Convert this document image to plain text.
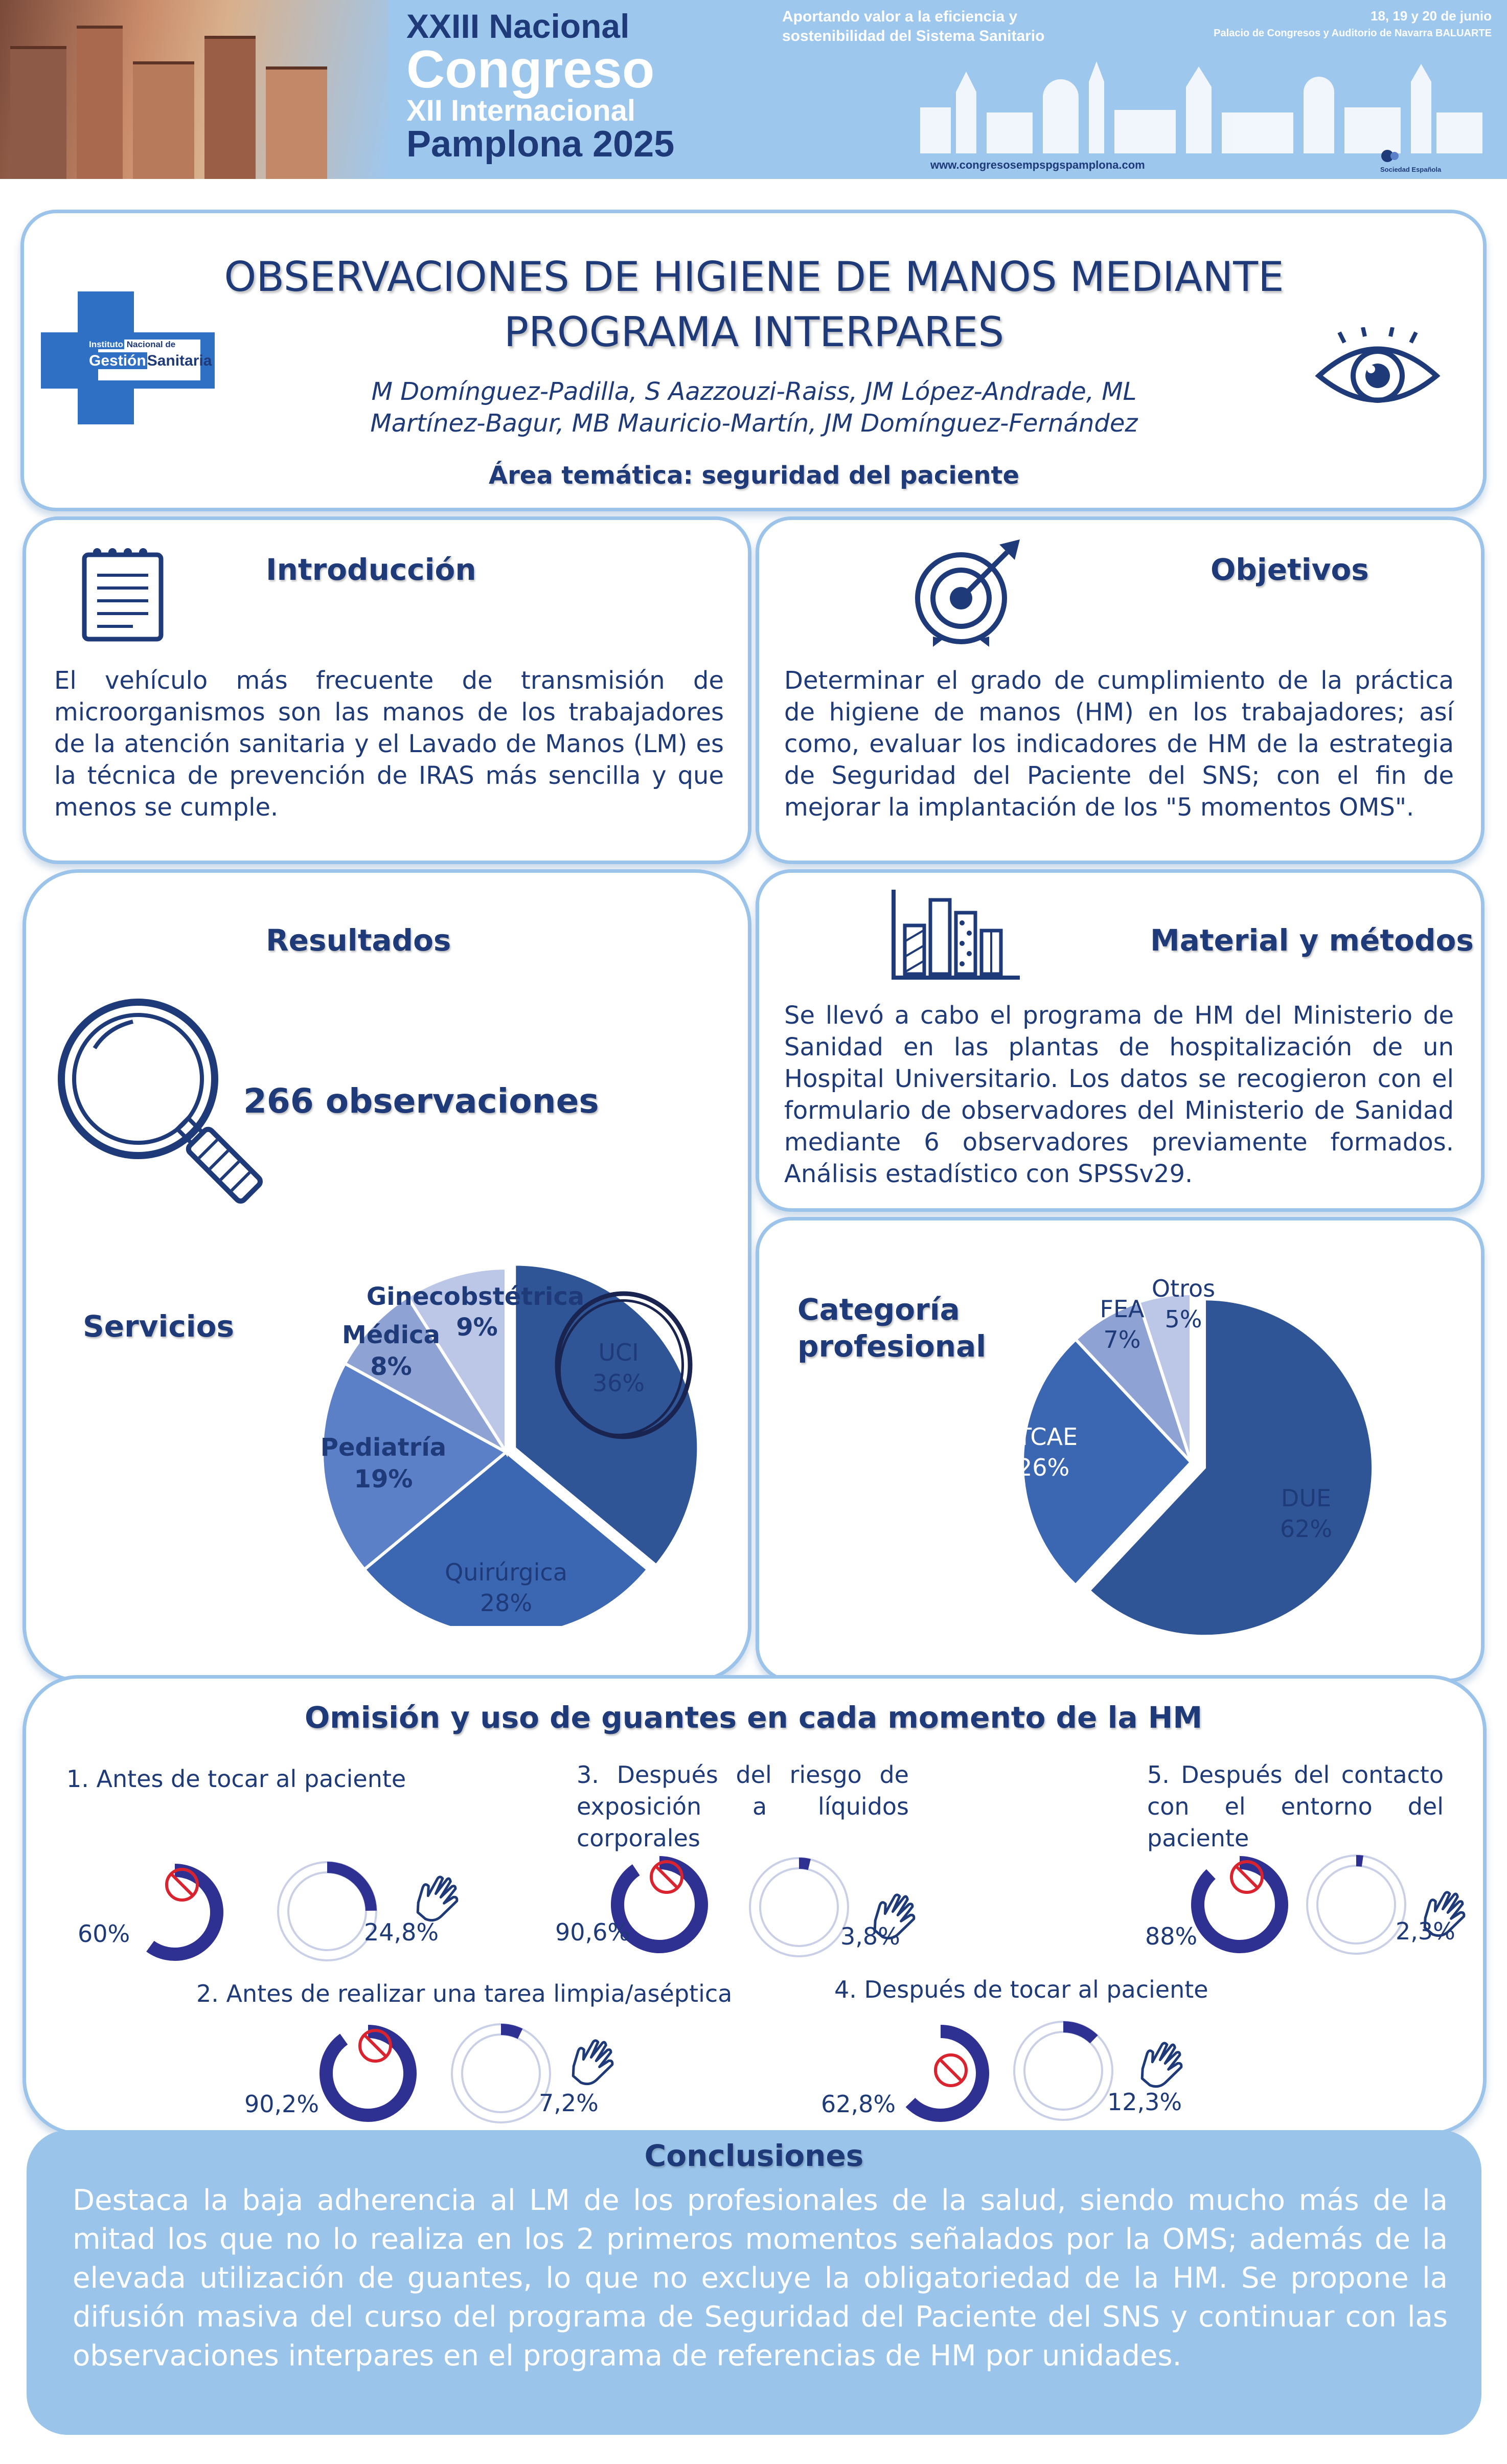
XXIII Nacional
Congreso
XII Internacional
Pamplona 2025
Aportando valor a la eficiencia y
sostenibilidad del Sistema Sanitario
18, 19 y 20 de junio
Palacio de Congresos y Auditorio de Navarra BALUARTE
www.congresosempspgspamplona.com	Sociedad Española
Instituto Nacional de
GestiónSanitaria
OBSERVACIONES DE HIGIENE DE MANOS MEDIANTE
PROGRAMA INTERPARES
M Domínguez-Padilla, S Aazzouzi-Raiss, JM López-Andrade, ML
Martínez-Bagur, MB Mauricio-Martín, JM Domínguez-Fernández
Área temática: seguridad del paciente
Introducción
El vehículo más frecuente de transmisión de microorganismos son las manos de los trabajadores de la atención sanitaria y el Lavado de Manos (LM) es la técnica de prevención de IRAS más sencilla y que menos se cumple.
Objetivos
Determinar el grado de cumplimiento de la práctica de higiene de manos (HM) en los trabajadores; así como, evaluar los indicadores de HM de la estrategia de Seguridad del Paciente del SNS; con el fin de mejorar la implantación de los "5 momentos OMS".
Resultados
266 observaciones
Servicios
Ginecobstétrica
9%
Médica
8%	UCI
36%
Pediatría
19%
Quirúrgica
28%
Material y métodos
Se llevó a cabo el programa de HM del Ministerio de Sanidad en las plantas de hospitalización de un Hospital Universitario. Los datos se recogieron con el formulario de observadores del Ministerio de Sanidad mediante 6 observadores previamente formados. Análisis estadístico con SPSSv29.
Categoría
profesional
FEA
7%
Otros
5%
TCAE
26%
DUE
62%
Omisión y uso de guantes en cada momento de la HM
1. Antes de tocar al paciente	3. Después del riesgo de
exposición a líquidos
corporales
5. Después del contacto
con el entorno del
paciente
2. Antes de realizar una tarea limpia/aséptica	4. Después de tocar al paciente
60%	24,8%	90,6%	3,8%	88%	2,3%
90,2%	7,2%	62,8%	12,3%
Conclusiones
Destaca la baja adherencia al LM de los profesionales de la salud, siendo mucho más de la mitad los que no lo realiza en los 2 primeros momentos señalados por la OMS; además de la elevada utilización de guantes, lo que no excluye la obligatoriedad de la HM. Se propone la difusión masiva del curso del programa de Seguridad del Paciente del SNS y continuar con las observaciones interpares en el programa de referencias de HM por unidades.
